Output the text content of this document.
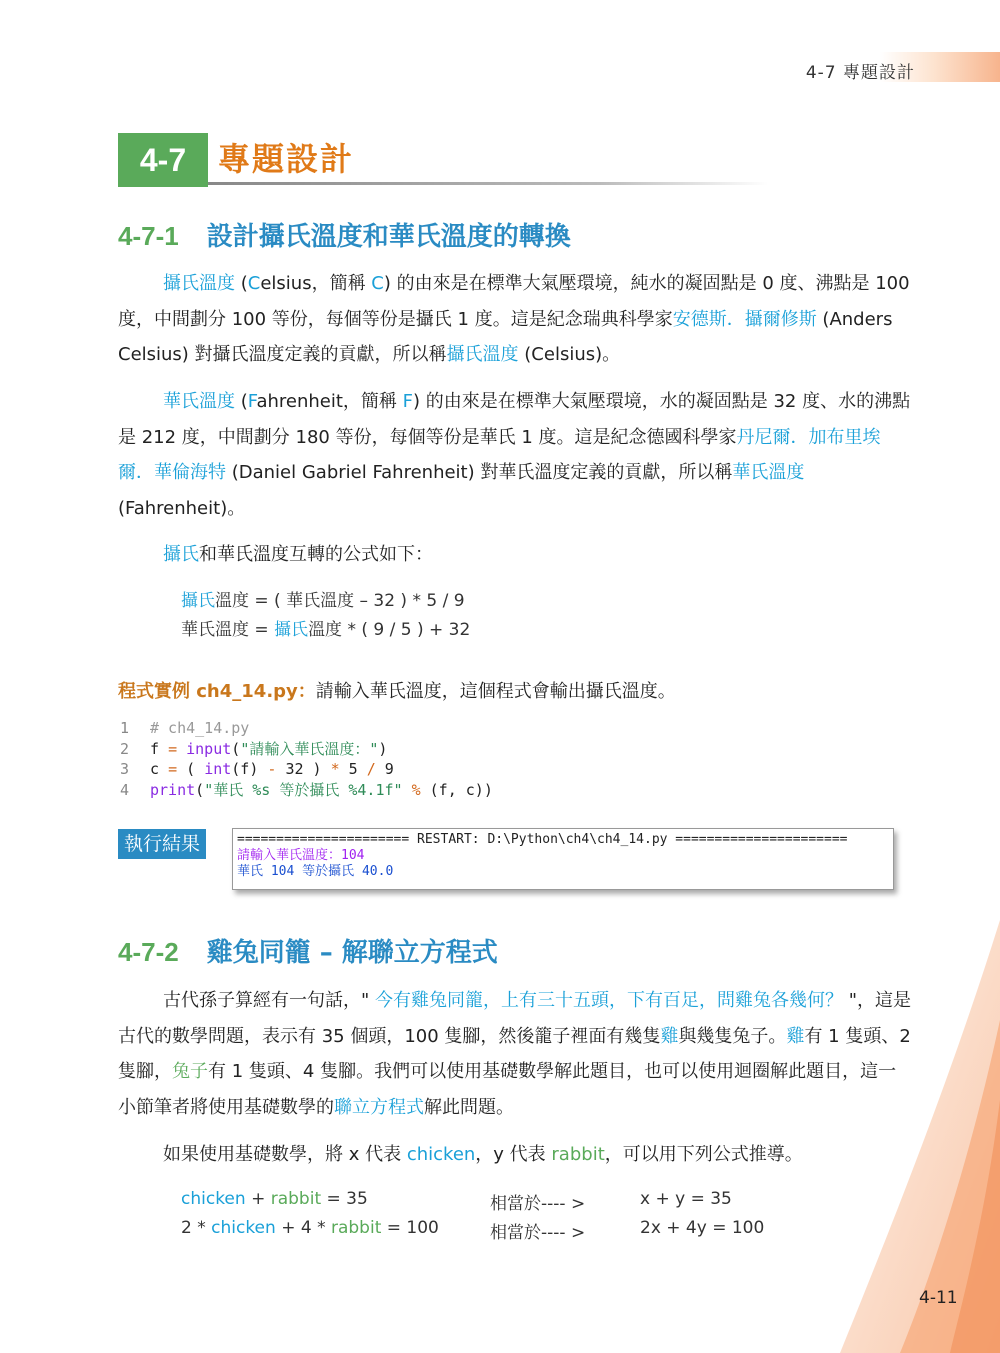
4-7 專題設計
4-7 專題設計
4-7-1 設計攝氏溫度和華氏溫度的轉換

攝氏溫度 (Celsius，簡稱 C) 的由來是在標準大氣壓環境，純水的凝固點是 0 度、沸點是 100 度，中間劃分 100 等份，每個等份是攝氏 1 度。這是紀念瑞典科學家安德斯．攝爾修斯 (Anders Celsius) 對攝氏溫度定義的貢獻，所以稱攝氏溫度 (Celsius)。

華氏溫度 (Fahrenheit，簡稱 F) 的由來是在標準大氣壓環境，水的凝固點是 32 度、水的沸點是 212 度，中間劃分 180 等份，每個等份是華氏 1 度。這是紀念德國科學家丹尼爾．加布里埃爾．華倫海特 (Daniel Gabriel Fahrenheit) 對華氏溫度定義的貢獻，所以稱華氏溫度 (Fahrenheit)。

攝氏和華氏溫度互轉的公式如下：

攝氏溫度 = ( 華氏溫度 – 32 ) * 5 / 9
華氏溫度 = 攝氏溫度 * ( 9 / 5 ) + 32
程式實例 ch4_14.py：請輸入華氏溫度，這個程式會輸出攝氏溫度。
1 # ch4_14.py
2 f = input("請輸入華氏溫度：")
3 c = ( int(f) - 32 ) * 5 / 9
4 print("華氏 %s 等於攝氏 %4.1f" % (f, c))
執行結果	====================== RESTART: D:\Python\ch4\ch4_14.py ======================
請輸入華氏溫度：104
華氏 104 等於攝氏 40.0
4-7-2 雞兔同籠 – 解聯立方程式

古代孫子算經有一句話，" 今有雞兔同籠，上有三十五頭，下有百足，問雞兔各幾何？ "，這是古代的數學問題，表示有 35 個頭，100 隻腳，然後籠子裡面有幾隻雞與幾隻兔子。雞有 1 隻頭、2 隻腳，兔子有 1 隻頭、4 隻腳。我們可以使用基礎數學解此題目，也可以使用迴圈解此題目，這一小節筆者將使用基礎數學的聯立方程式解此問題。

如果使用基礎數學，將 x 代表 chicken，y 代表 rabbit，可以用下列公式推導。

chicken + rabbit = 35	相當於---- >	x + y = 35
2 * chicken + 4 * rabbit = 100	相當於---- >	2x + 4y = 100
4-11
